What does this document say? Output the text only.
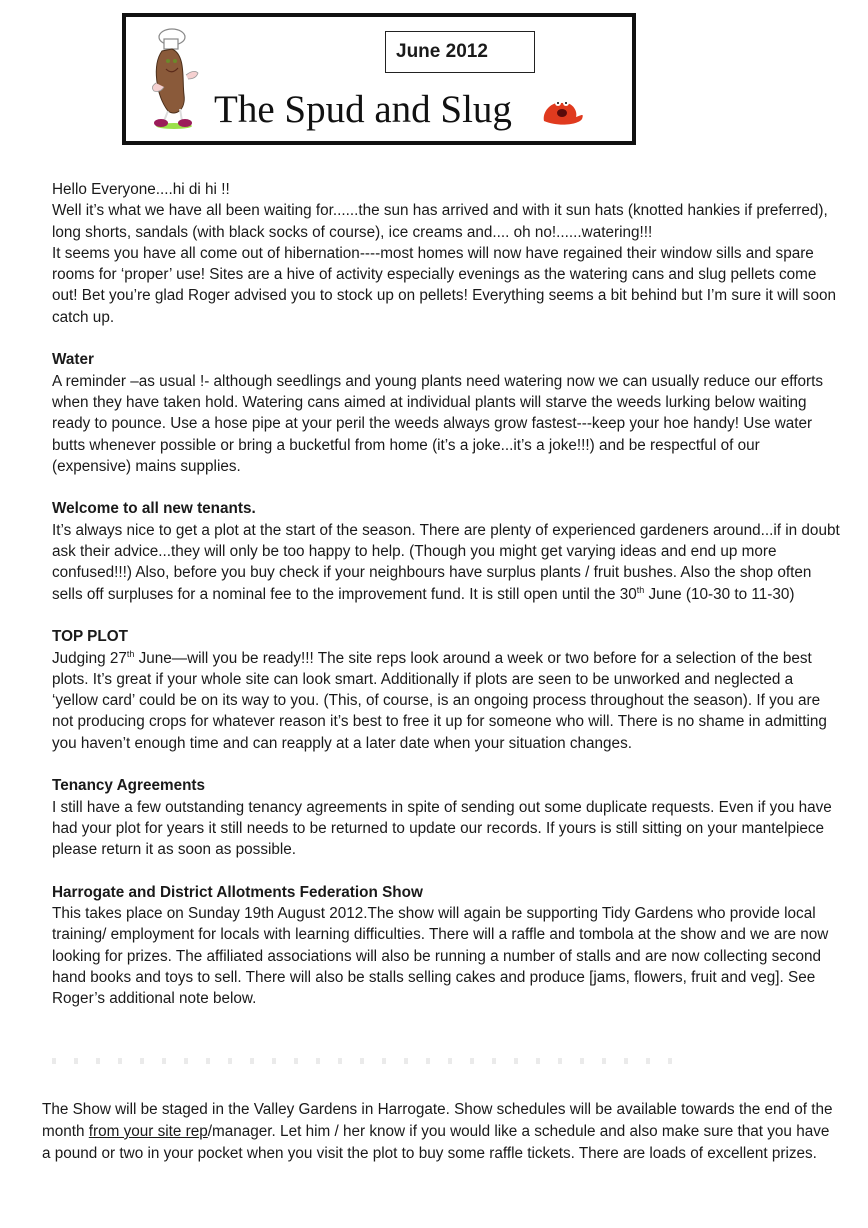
June 2012
The Spud and Slug

Hello Everyone....hi di hi !!

Well it’s what we have all been waiting for......the sun has arrived and with it sun hats (knotted hankies if preferred), long shorts, sandals (with black socks of course), ice creams and.... oh no!......watering!!!

It seems you have all come out of hibernation----most homes will now have regained their window sills and spare rooms for ‘proper’ use! Sites are a hive of activity especially evenings as the watering cans and slug pellets come out! Bet you’re glad Roger advised you to stock up on pellets! Everything seems a bit behind but I’m sure it will soon catch up.

Water

A reminder –as usual !- although seedlings and young plants need watering now we can usually reduce our efforts when they have taken hold. Watering cans aimed at individual plants will starve the weeds lurking below waiting ready to pounce. Use a hose pipe at your peril the weeds always grow fastest---keep your hoe handy! Use water butts whenever possible or bring a bucketful from home (it’s a joke...it’s a joke!!!) and be respectful of our (expensive) mains supplies.

Welcome to all new tenants.

It’s always nice to get a plot at the start of the season. There are plenty of experienced gardeners around...if in doubt ask their advice...they will only be too happy to help. (Though you might get varying ideas and end up more confused!!!) Also, before you buy check if your neighbours have surplus plants / fruit bushes. Also the shop often sells off surpluses for a nominal fee to the improvement fund. It is still open until the 30th June (10-30 to 11-30)

TOP PLOT

Judging 27th June—will you be ready!!! The site reps look around a week or two before for a selection of the best plots. It’s great if your whole site can look smart. Additionally if plots are seen to be unworked and neglected a ‘yellow card’ could be on its way to you. (This, of course, is an ongoing process throughout the season). If you are not producing crops for whatever reason it’s best to free it up for someone who will. There is no shame in admitting you haven’t enough time and can reapply at a later date when your situation changes.

Tenancy Agreements

I still have a few outstanding tenancy agreements in spite of sending out some duplicate requests. Even if you have had your plot for years it still needs to be returned to update our records. If yours is still sitting on your mantelpiece please return it as soon as possible.

Harrogate and District Allotments Federation Show

This takes place on Sunday 19th August 2012.The show will again be supporting Tidy Gardens who provide local training/ employment for locals with learning difficulties. There will a raffle and tombola at the show and we are now looking for prizes. The affiliated associations will also be running a number of stalls and are now collecting second hand books and toys to sell. There will also be stalls selling cakes and produce [jams, flowers, fruit and veg]. See Roger’s additional note below.

The Show will be staged in the Valley Gardens in Harrogate. Show schedules will be available towards the end of the month from your site rep/manager. Let him / her know if you would like a schedule and also make sure that you have a pound or two in your pocket when you visit the plot to buy some raffle tickets. There are loads of excellent prizes.
